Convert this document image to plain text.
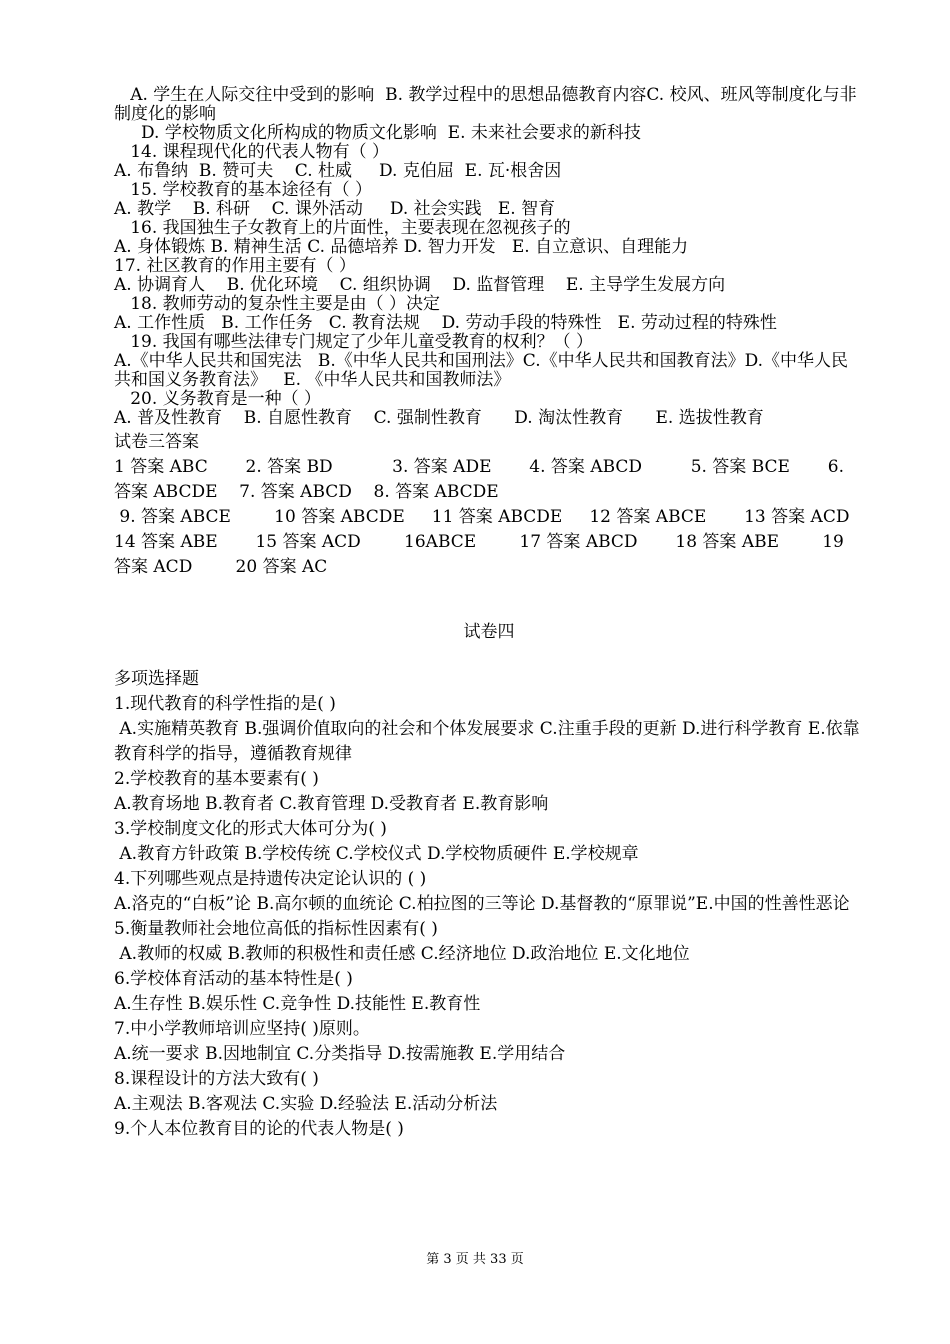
A. 学生在人际交往中受到的影响  B. 教学过程中的思想品德教育内容C. 校风、班风等制度化与非制度化的影响

D. 学校物质文化所构成的物质文化影响  E. 未来社会要求的新科技

14. 课程现代化的代表人物有（ ）

A. 布鲁纳  B. 赞可夫    C. 杜威     D. 克伯屈  E. 瓦·根舍因

15. 学校教育的基本途径有（ ）

A. 教学    B. 科研    C. 课外活动     D. 社会实践   E. 智育

16. 我国独生子女教育上的片面性，主要表现在忽视孩子的

A. 身体锻炼 B. 精神生活 C. 品德培养 D. 智力开发   E. 自立意识、自理能力

17. 社区教育的作用主要有（ ）

A. 协调育人    B. 优化环境    C. 组织协调    D. 监督管理    E. 主导学生发展方向

18. 教师劳动的复杂性主要是由（ ）决定

A. 工作性质   B. 工作任务   C. 教育法规    D. 劳动手段的特殊性   E. 劳动过程的特殊性

19. 我国有哪些法律专门规定了少年儿童受教育的权利？（ ）

A.《中华人民共和国宪法   B.《中华人民共和国刑法》C.《中华人民共和国教育法》D.《中华人民共和国义务教育法》   E. 《中华人民共和国教师法》

20. 义务教育是一种（ ）

A. 普及性教育    B. 自愿性教育    C. 强制性教育      D. 淘汰性教育      E. 选拔性教育

试卷三答案

1 答案 ABC       2. 答案 BD           3. 答案 ADE       4. 答案 ABCD         5. 答案 BCE       6. 答案 ABCDE    7. 答案 ABCD    8. 答案 ABCDE

9. 答案 ABCE        10 答案 ABCDE     11 答案 ABCDE     12 答案 ABCE       13 答案 ACD          14 答案 ABE       15 答案 ACD        16ABCE        17 答案 ABCD       18 答案 ABE        19 答案 ACD        20 答案 AC

试卷四

多项选择题

1.现代教育的科学性指的是( )

A.实施精英教育 B.强调价值取向的社会和个体发展要求 C.注重手段的更新 D.进行科学教育 E.依靠教育科学的指导，遵循教育规律

2.学校教育的基本要素有( )

A.教育场地 B.教育者 C.教育管理 D.受教育者 E.教育影响

3.学校制度文化的形式大体可分为( )

A.教育方针政策 B.学校传统 C.学校仪式 D.学校物质硬件 E.学校规章

4.下列哪些观点是持遗传决定论认识的 ( )

A.洛克的“白板”论 B.高尔顿的血统论 C.柏拉图的三等论 D.基督教的“原罪说”E.中国的性善性恶论

5.衡量教师社会地位高低的指标性因素有( )

A.教师的权威 B.教师的积极性和责任感 C.经济地位 D.政治地位 E.文化地位

6.学校体育活动的基本特性是( )

A.生存性 B.娱乐性 C.竞争性 D.技能性 E.教育性

7.中小学教师培训应坚持( )原则。

A.统一要求 B.因地制宜 C.分类指导 D.按需施教 E.学用结合

8.课程设计的方法大致有( )

A.主观法 B.客观法 C.实验 D.经验法 E.活动分析法

9.个人本位教育目的论的代表人物是( )

第 3 页 共 33 页
